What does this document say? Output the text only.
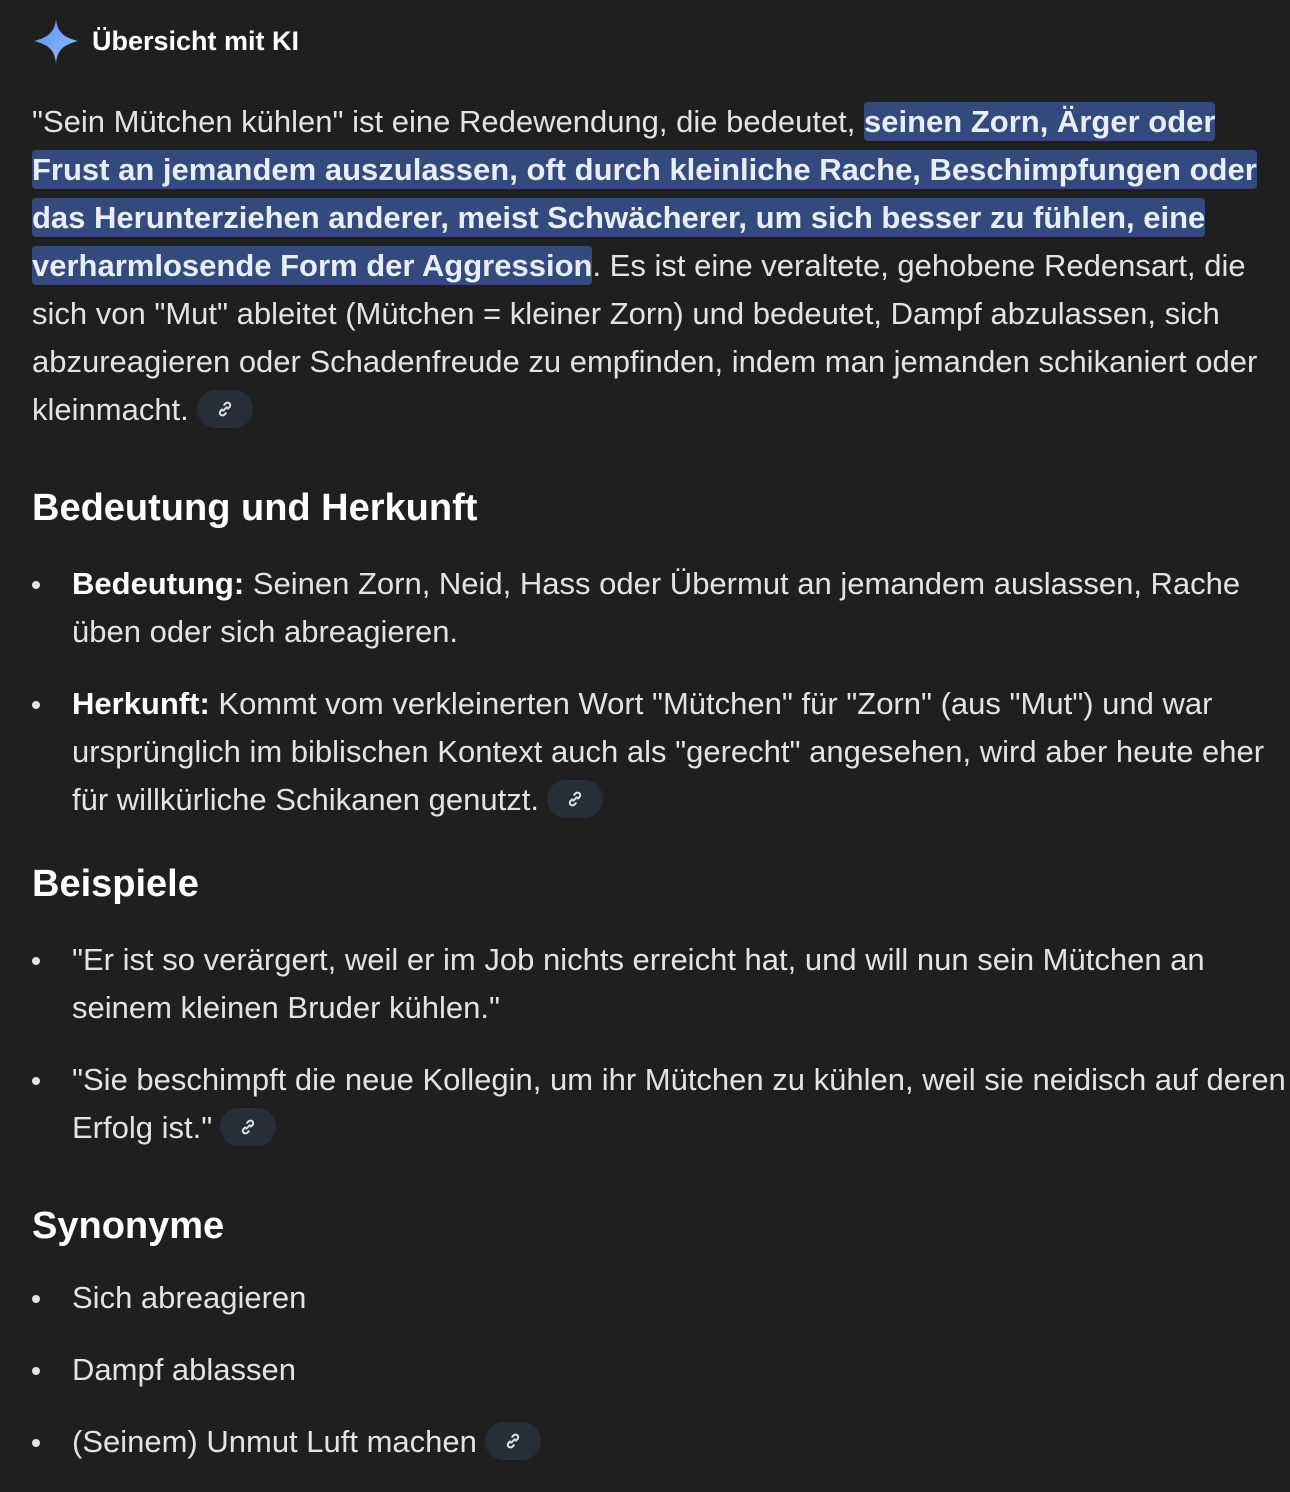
Übersicht mit KI
"Sein Mütchen kühlen" ist eine Redewendung, die bedeutet, seinen Zorn, Ärger oder Frust an jemandem auszulassen, oft durch kleinliche Rache, Beschimpfungen oder das Herunterziehen anderer, meist Schwächerer, um sich besser zu fühlen, eine verharmlosende Form der Aggression. Es ist eine veraltete, gehobene Redensart, die sich von "Mut" ableitet (Mütchen = kleiner Zorn) und bedeutet, Dampf abzulassen, sich abzureagieren oder Schadenfreude zu empfinden, indem man jemanden schikaniert oder kleinmacht.
Bedeutung und Herkunft
Bedeutung: Seinen Zorn, Neid, Hass oder Übermut an jemandem auslassen, Rache üben oder sich abreagieren.
Herkunft: Kommt vom verkleinerten Wort "Mütchen" für "Zorn" (aus "Mut") und war ursprünglich im biblischen Kontext auch als "gerecht" angesehen, wird aber heute eher für willkürliche Schikanen genutzt.
Beispiele
"Er ist so verärgert, weil er im Job nichts erreicht hat, und will nun sein Mütchen an seinem kleinen Bruder kühlen."
"Sie beschimpft die neue Kollegin, um ihr Mütchen zu kühlen, weil sie neidisch auf deren Erfolg ist."
Synonyme
Sich abreagieren
Dampf ablassen
(Seinem) Unmut Luft machen
